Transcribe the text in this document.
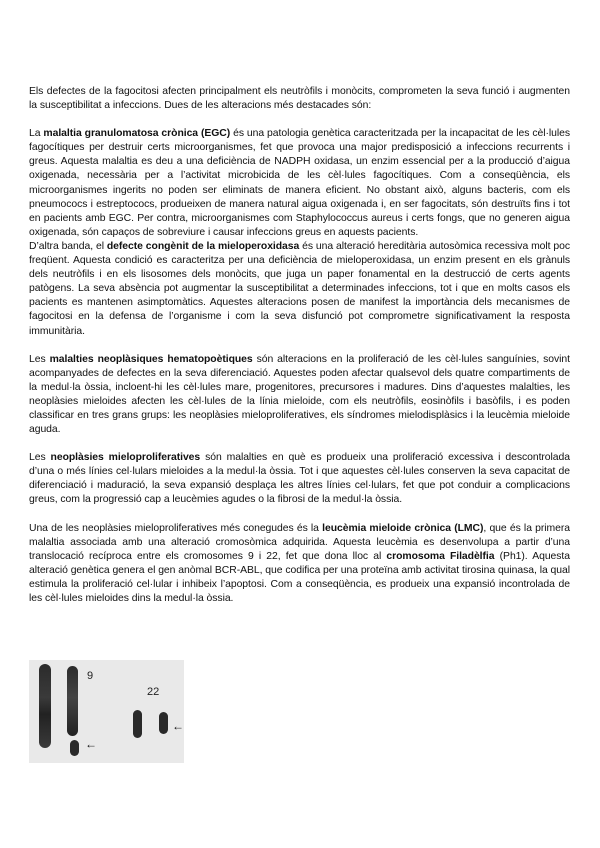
Els defectes de la fagocitosi afecten principalment els neutròfils i monòcits, comprometen la seva funció i augmenten la susceptibilitat a infeccions. Dues de les alteracions més destacades són:

La malaltia granulomatosa crònica (EGC) és una patologia genètica caracteritzada per la incapacitat de les cèl·lules fagocítiques per destruir certs microorganismes, fet que provoca una major predisposició a infeccions recurrents i greus. Aquesta malaltia es deu a una deficiència de NADPH oxidasa, un enzim essencial per a la producció d’aigua oxigenada, necessària per a l’activitat microbicida de les cèl·lules fagocítiques. Com a conseqüència, els microorganismes ingerits no poden ser eliminats de manera eficient. No obstant això, alguns bacteris, com els pneumococs i estreptococs, produeixen de manera natural aigua oxigenada i, en ser fagocitats, són destruïts fins i tot en pacients amb EGC. Per contra, microorganismes com Staphylococcus aureus i certs fongs, que no generen aigua oxigenada, són capaços de sobreviure i causar infeccions greus en aquests pacients.

D’altra banda, el defecte congènit de la mieloperoxidasa és una alteració hereditària autosòmica recessiva molt poc freqüent. Aquesta condició es caracteritza per una deficiència de mieloperoxidasa, un enzim present en els grànuls dels neutròfils i en els lisosomes dels monòcits, que juga un paper fonamental en la destrucció de certs agents patògens. La seva absència pot augmentar la susceptibilitat a determinades infeccions, tot i que en molts casos els pacients es mantenen asimptomàtics. Aquestes alteracions posen de manifest la importància dels mecanismes de fagocitosi en la defensa de l’organisme i com la seva disfunció pot comprometre significativament la resposta immunitària.

Les malalties neoplàsiques hematopoètiques són alteracions en la proliferació de les cèl·lules sanguínies, sovint acompanyades de defectes en la seva diferenciació. Aquestes poden afectar qualsevol dels quatre compartiments de la medul·la òssia, incloent-hi les cèl·lules mare, progenitores, precursores i madures. Dins d’aquestes malalties, les neoplàsies mieloides afecten les cèl·lules de la línia mieloide, com els neutròfils, eosinòfils i basòfils, i es poden classificar en tres grans grups: les neoplàsies mieloproliferatives, els síndromes mielodisplàsics i la leucèmia mieloide aguda.

Les neoplàsies mieloproliferatives són malalties en què es produeix una proliferació excessiva i descontrolada d’una o més línies cel·lulars mieloides a la medul·la òssia. Tot i que aquestes cèl·lules conserven la seva capacitat de diferenciació i maduració, la seva expansió desplaça les altres línies cel·lulars, fet que pot conduir a complicacions greus, com la progressió cap a leucèmies agudes o la fibrosi de la medul·la òssia.

Una de les neoplàsies mieloproliferatives més conegudes és la leucèmia mieloide crònica (LMC), que és la primera malaltia associada amb una alteració cromosòmica adquirida. Aquesta leucèmia es desenvolupa a partir d’una translocació recíproca entre els cromosomes 9 i 22, fet que dona lloc al cromosoma Filadèlfia (Ph1). Aquesta alteració genètica genera el gen anòmal BCR-ABL, que codifica per una proteïna amb activitat tirosina quinasa, la qual estimula la proliferació cel·lular i inhibeix l’apoptosi. Com a conseqüència, es produeix una expansió incontrolada de les cèl·lules mieloides dins la medul·la òssia.

9
←
22
←
